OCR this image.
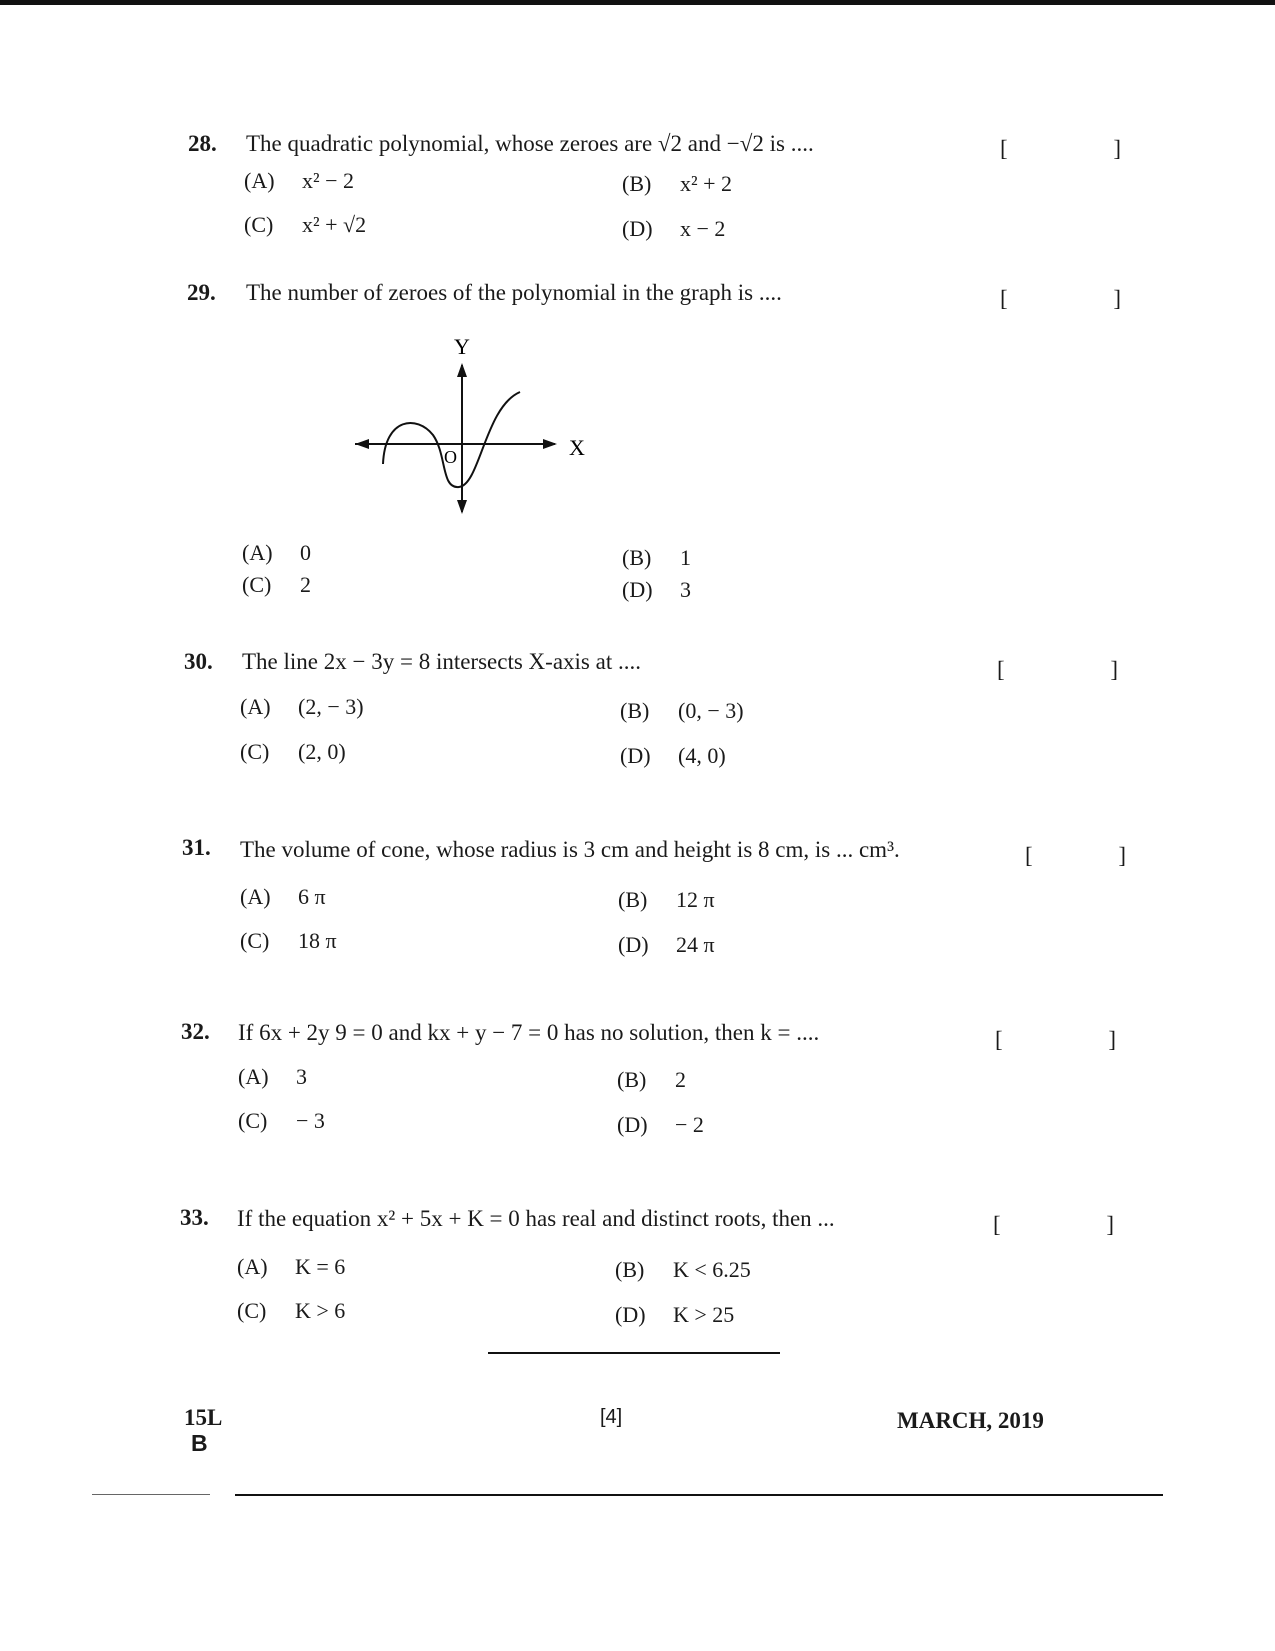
28. The quadratic polynomial, whose zeroes are √2 and −√2 is ....	[ ]
(A) x² − 2	(B) x² + 2
(C) x² + √2	(D) x − 2
29. The number of zeroes of the polynomial in the graph is ....	[ ]
Y
X
O
(A) 0	(B) 1
(C) 2	(D) 3
30. The line 2x − 3y = 8 intersects X-axis at ....	[ ]
(A) (2, − 3)	(B) (0, − 3)
(C) (2, 0)	(D) (4, 0)
31. The volume of cone, whose radius is 3 cm and height is 8 cm, is ... cm³.	[ ]
(A) 6 π	(B) 12 π
(C) 18 π	(D) 24 π
32. If 6x + 2y 9 = 0 and kx + y − 7 = 0 has no solution, then k = ....	[ ]
(A) 3	(B) 2
(C) − 3	(D) − 2
33. If the equation x² + 5x + K = 0 has real and distinct roots, then ...	[ ]
(A) K = 6	(B) K < 6.25
(C) K > 6	(D) K > 25
15L
B
[4]	MARCH, 2019
